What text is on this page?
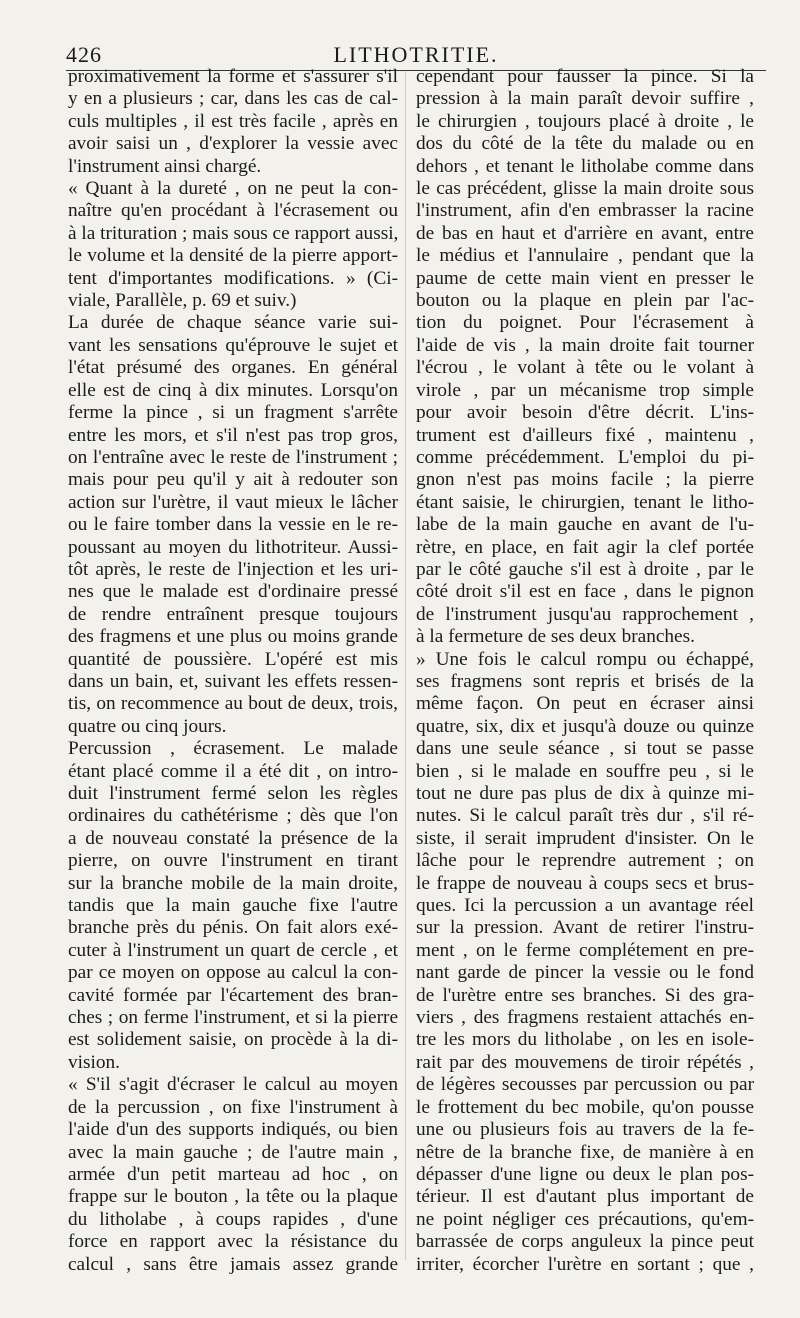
426	LITHOTRITIE.
proximativement la forme et s'assurer s'il
y en a plusieurs ; car, dans les cas de cal-
culs multiples , il est très facile , après en
avoir saisi un , d'explorer la vessie avec
l'instrument ainsi chargé.
« Quant à la dureté , on ne peut la con-
naître qu'en procédant à l'écrasement ou
à la trituration ; mais sous ce rapport aussi,
le volume et la densité de la pierre apport-
tent d'importantes modifications. » (Ci-
viale, Parallèle, p. 69 et suiv.)
La durée de chaque séance varie sui-
vant les sensations qu'éprouve le sujet et
l'état présumé des organes. En général
elle est de cinq à dix minutes. Lorsqu'on
ferme la pince , si un fragment s'arrête
entre les mors, et s'il n'est pas trop gros,
on l'entraîne avec le reste de l'instrument ;
mais pour peu qu'il y ait à redouter son
action sur l'urètre, il vaut mieux le lâcher
ou le faire tomber dans la vessie en le re-
poussant au moyen du lithotriteur. Aussi-
tôt après, le reste de l'injection et les uri-
nes que le malade est d'ordinaire pressé
de rendre entraînent presque toujours
des fragmens et une plus ou moins grande
quantité de poussière. L'opéré est mis
dans un bain, et, suivant les effets ressen-
tis, on recommence au bout de deux, trois,
quatre ou cinq jours.
Percussion , écrasement. Le malade
étant placé comme il a été dit , on intro-
duit l'instrument fermé selon les règles
ordinaires du cathétérisme ; dès que l'on
a de nouveau constaté la présence de la
pierre, on ouvre l'instrument en tirant
sur la branche mobile de la main droite,
tandis que la main gauche fixe l'autre
branche près du pénis. On fait alors exé-
cuter à l'instrument un quart de cercle , et
par ce moyen on oppose au calcul la con-
cavité formée par l'écartement des bran-
ches ; on ferme l'instrument, et si la pierre
est solidement saisie, on procède à la di-
vision.
« S'il s'agit d'écraser le calcul au moyen
de la percussion , on fixe l'instrument à
l'aide d'un des supports indiqués, ou bien
avec la main gauche ; de l'autre main ,
armée d'un petit marteau ad hoc , on
frappe sur le bouton , la tête ou la plaque
du litholabe , à coups rapides , d'une
force en rapport avec la résistance du
calcul , sans être jamais assez grande
cependant pour fausser la pince. Si la
pression à la main paraît devoir suffire ,
le chirurgien , toujours placé à droite , le
dos du côté de la tête du malade ou en
dehors , et tenant le litholabe comme dans
le cas précédent, glisse la main droite sous
l'instrument, afin d'en embrasser la racine
de bas en haut et d'arrière en avant, entre
le médius et l'annulaire , pendant que la
paume de cette main vient en presser le
bouton ou la plaque en plein par l'ac-
tion du poignet. Pour l'écrasement à
l'aide de vis , la main droite fait tourner
l'écrou , le volant à tête ou le volant à
virole , par un mécanisme trop simple
pour avoir besoin d'être décrit. L'ins-
trument est d'ailleurs fixé , maintenu ,
comme précédemment. L'emploi du pi-
gnon n'est pas moins facile ; la pierre
étant saisie, le chirurgien, tenant le litho-
labe de la main gauche en avant de l'u-
rètre, en place, en fait agir la clef portée
par le côté gauche s'il est à droite , par le
côté droit s'il est en face , dans le pignon
de l'instrument jusqu'au rapprochement ,
à la fermeture de ses deux branches.
» Une fois le calcul rompu ou échappé,
ses fragmens sont repris et brisés de la
même façon. On peut en écraser ainsi
quatre, six, dix et jusqu'à douze ou quinze
dans une seule séance , si tout se passe
bien , si le malade en souffre peu , si le
tout ne dure pas plus de dix à quinze mi-
nutes. Si le calcul paraît très dur , s'il ré-
siste, il serait imprudent d'insister. On le
lâche pour le reprendre autrement ; on
le frappe de nouveau à coups secs et brus-
ques. Ici la percussion a un avantage réel
sur la pression. Avant de retirer l'instru-
ment , on le ferme complétement en pre-
nant garde de pincer la vessie ou le fond
de l'urètre entre ses branches. Si des gra-
viers , des fragmens restaient attachés en-
tre les mors du litholabe , on les en isole-
rait par des mouvemens de tiroir répétés ,
de légères secousses par percussion ou par
le frottement du bec mobile, qu'on pousse
une ou plusieurs fois au travers de la fe-
nêtre de la branche fixe, de manière à en
dépasser d'une ligne ou deux le plan pos-
térieur. Il est d'autant plus important de
ne point négliger ces précautions, qu'em-
barrassée de corps anguleux la pince peut
irriter, écorcher l'urètre en sortant ; que ,
